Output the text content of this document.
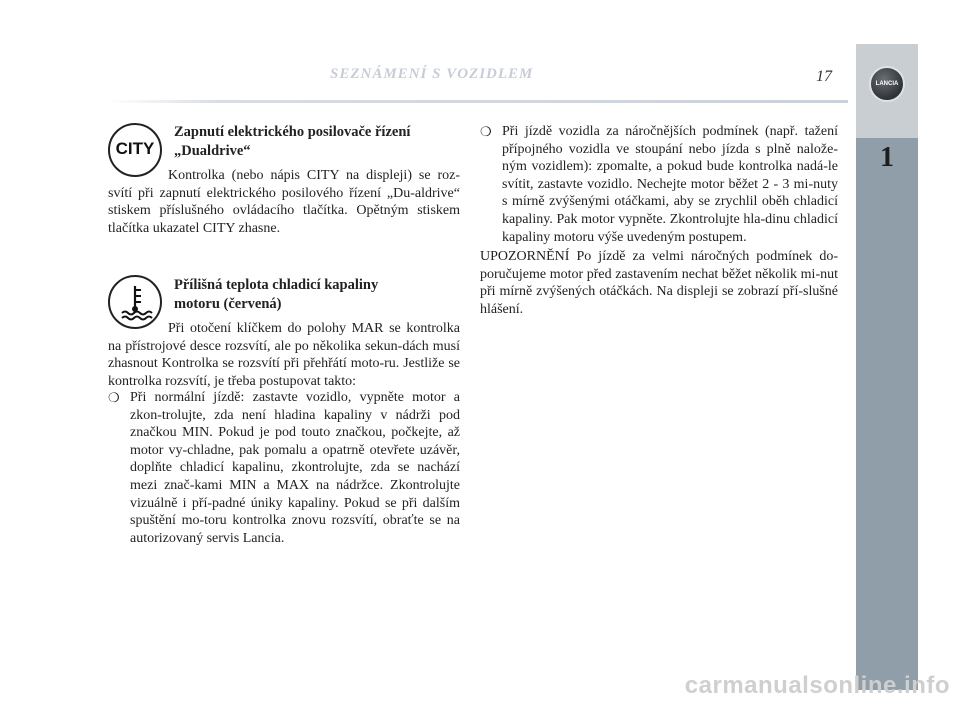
SEZNÁMENÍ S VOZIDLEM	17	LANCIA
1
CITY
Zapnutí elektrického posilovače řízení „Dualdrive“
Kontrolka (nebo nápis CITY na displeji) se roz-svítí při zapnutí elektrického posilového řízení „Du-aldrive“ stiskem příslušného ovládacího tlačítka. Opětným stiskem tlačítka ukazatel CITY zhasne.
Přílišná teplota chladicí kapaliny motoru (červená)
Při otočení klíčkem do polohy MAR se kontrolka na přístrojové desce rozsvítí, ale po několika sekun-dách musí zhasnout Kontrolka se rozsvítí při přehřátí moto-ru. Jestliže se kontrolka rozsvítí, je třeba postupovat takto:
❍ Při normální jízdě: zastavte vozidlo, vypněte motor a zkon-trolujte, zda není hladina kapaliny v nádrži pod značkou MIN. Pokud je pod touto značkou, počkejte, až motor vy-chladne, pak pomalu a opatrně otevřete uzávěr, doplňte chladicí kapalinu, zkontrolujte, zda se nachází mezi znač-kami MIN a MAX na nádržce. Zkontrolujte vizuálně i pří-padné úniky kapaliny. Pokud se při dalším spuštění mo-toru kontrolka znovu rozsvítí, obraťte se na autorizovaný servis Lancia.
❍ Při jízdě vozidla za náročnějších podmínek (např. tažení přípojného vozidla ve stoupání nebo jízda s plně nalože-ným vozidlem): zpomalte, a pokud bude kontrolka nadá-le svítit, zastavte vozidlo. Nechejte motor běžet 2 - 3 mi-nuty s mírně zvýšenými otáčkami, aby se zrychlil oběh chladicí kapaliny. Pak motor vypněte. Zkontrolujte hla-dinu chladicí kapaliny motoru výše uvedeným postupem.
UPOZORNĚNÍ Po jízdě za velmi náročných podmínek do-poručujeme motor před zastavením nechat běžet několik mi-nut při mírně zvýšených otáčkách. Na displeji se zobrazí pří-slušné hlášení.
carmanualsonline.info
